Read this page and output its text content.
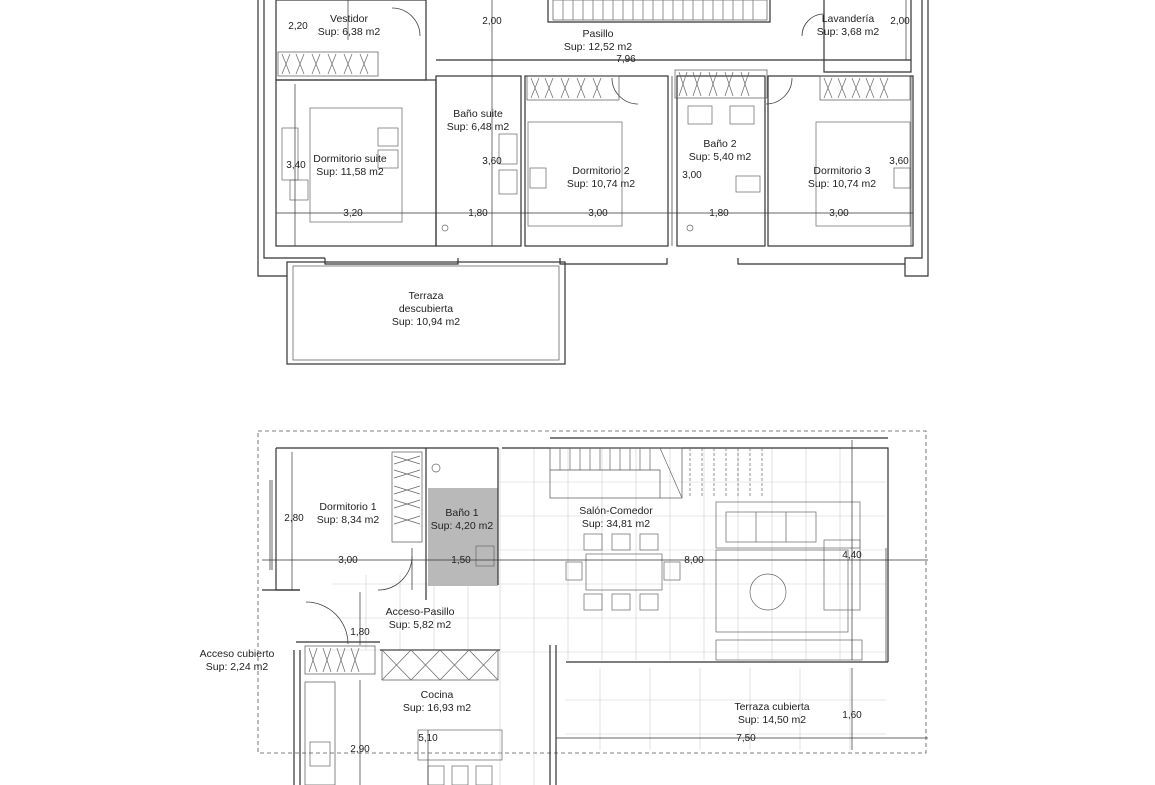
Vestidor
Sup: 6,38 m2	Pasillo
Sup: 12,52 m2
Lavandería
Sup: 3,68 m2
Baño suite
Sup: 6,48 m2
Dormitorio suite
Sup: 11,58 m2	Dormitorio 2
Sup: 10,74 m2
Baño 2
Sup: 5,40 m2
Dormitorio 3
Sup: 10,74 m2
Terraza
descubierta
Sup: 10,94 m2
2,20	2,00
7,96
2,00
3,40	3,60
3,00
3,60
3,20	1,80	3,00	1,80	3,00
Dormitorio 1
Sup: 8,34 m2
Baño 1
Sup: 4,20 m2
Salón-Comedor
Sup: 34,81 m2
Acceso-Pasillo
Sup: 5,82 m2
Acceso cubierto
Sup: 2,24 m2
Cocina
Sup: 16,93 m2	Terraza cubierta
Sup: 14,50 m2
2,80
3,00	1,50	8,00	4,40
1,80
1,60
2,90
5,10	7,50
